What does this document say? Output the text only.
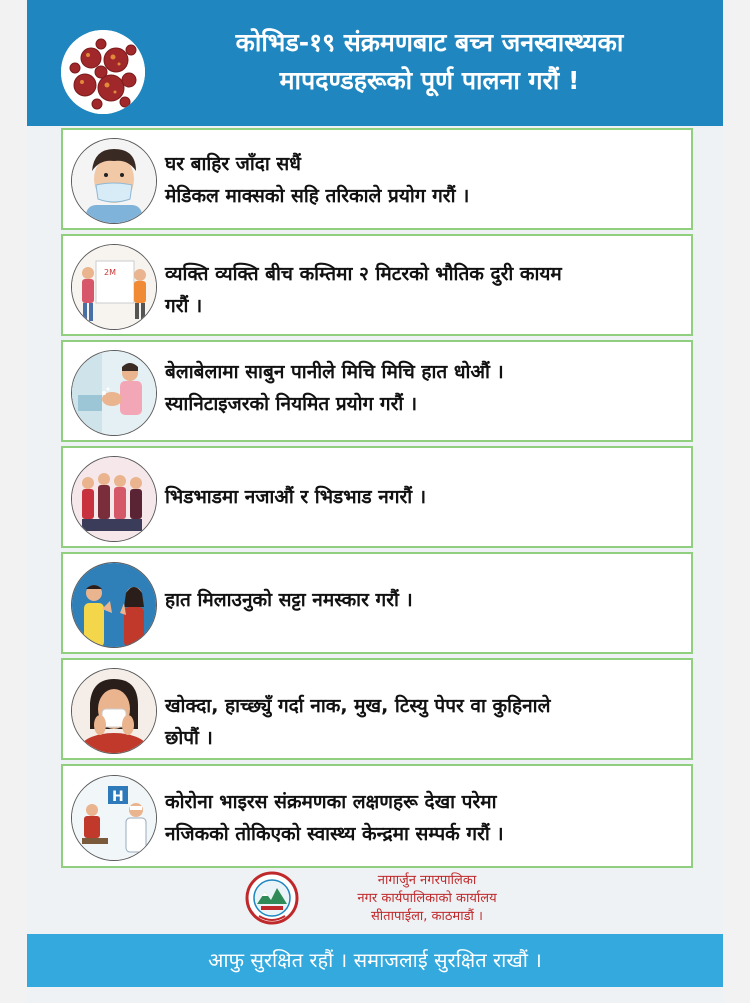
कोभिड-१९ संक्रमणबाट बच्न जनस्वास्थ्यका
मापदण्डहरूको पूर्ण पालना गरौं !
घर बाहिर जाँदा सधैं
मेडिकल माक्सको सहि तरिकाले प्रयोग गरौं ।
2M	व्यक्ति व्यक्ति बीच कम्तिमा २ मिटरको भौतिक दुरी कायम
गरौं ।
बेलाबेलामा साबुन पानीले मिचि मिचि हात धोऔं ।
स्यानिटाइजरको नियमित प्रयोग गरौं ।
भिडभाडमा नजाऔं र भिडभाड नगरौं ।
हात मिलाउनुको सट्टा नमस्कार गरौं ।
खोक्दा, हाच्छ्युँ गर्दा नाक, मुख, टिस्यु पेपर वा कुहिनाले
छोपौं ।
H कोरोना भाइरस संक्रमणका लक्षणहरू देखा परेमा
नजिकको तोकिएको स्वास्थ्य केन्द्रमा सम्पर्क गरौं ।
नागार्जुन नगरपालिका
नगर कार्यपालिकाको कार्यालय
सीतापाईला, काठमाडौं ।
आफु सुरक्षित रहौं । समाजलाई सुरक्षित राखौं ।
